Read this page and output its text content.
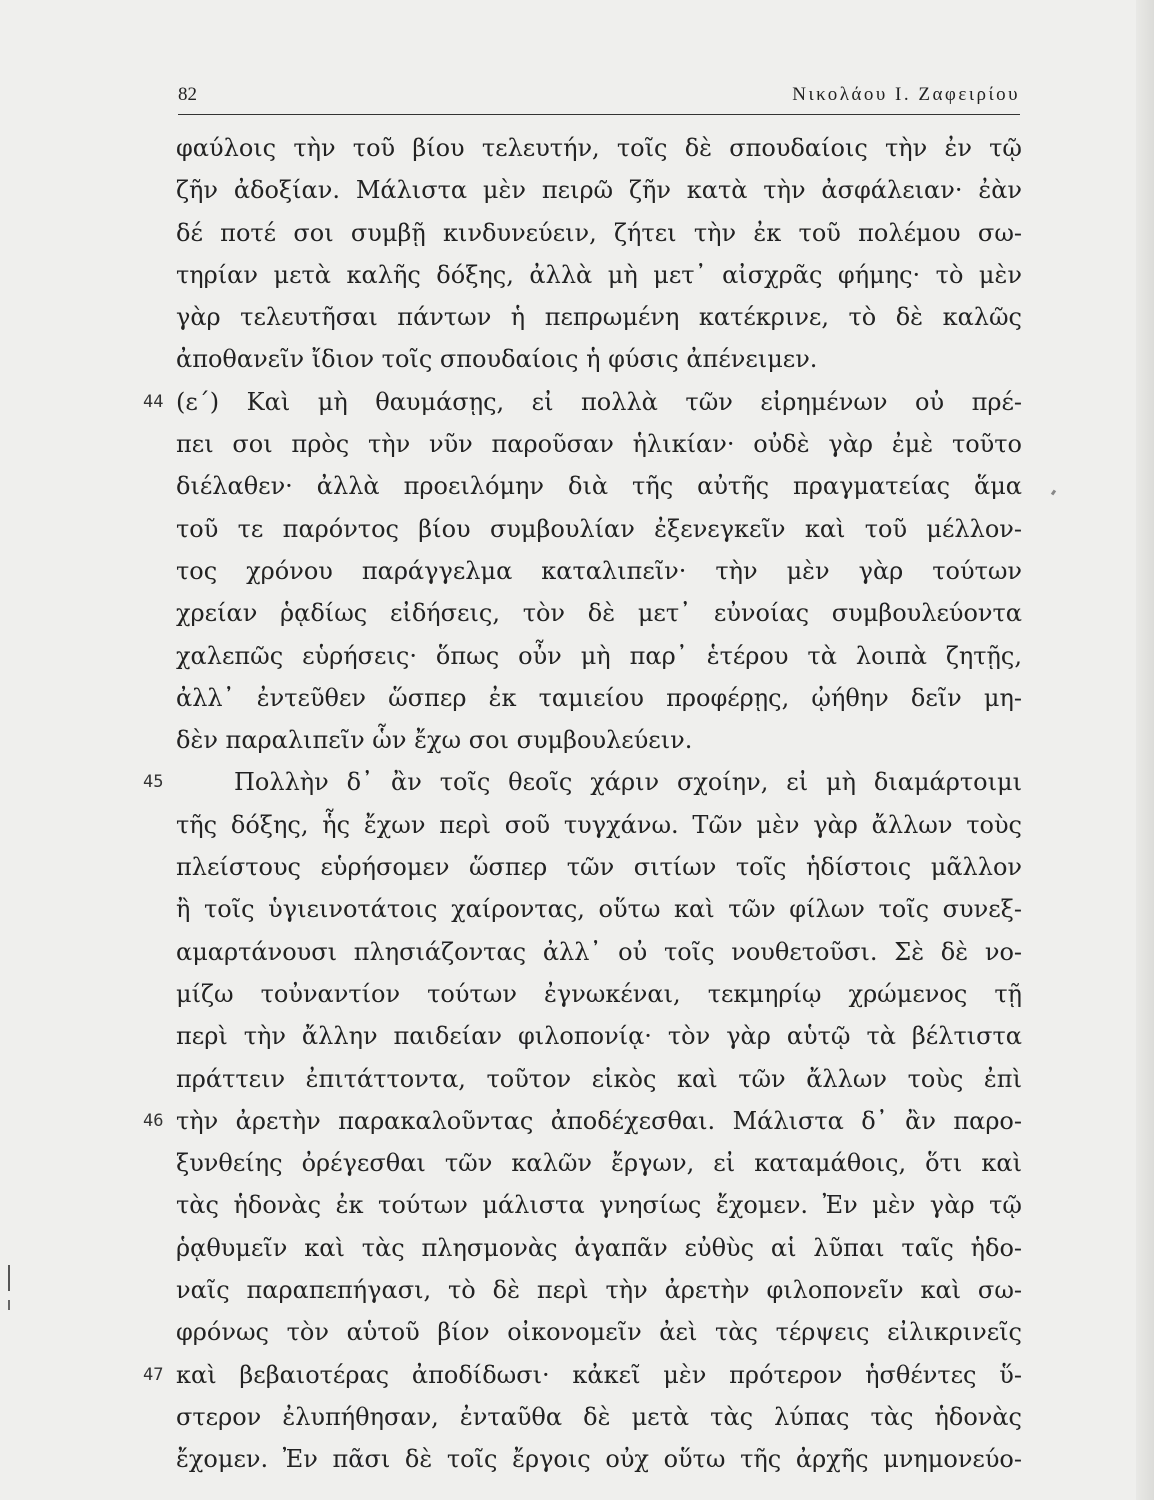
82	Νικολάου Ι. Ζαφειρίου
φαύλοις τὴν τοῦ βίου τελευτήν, τοῖς δὲ σπουδαίοις τὴν ἐν τῷ
ζῆν ἀδοξίαν. Μάλιστα μὲν πειρῶ ζῆν κατὰ τὴν ἀσφάλειαν· ἐὰν
δέ ποτέ σοι συμβῇ κινδυνεύειν, ζήτει τὴν ἐκ τοῦ πολέμου σω-
τηρίαν μετὰ καλῆς δόξης, ἀλλὰ μὴ μετ᾽ αἰσχρᾶς φήμης· τὸ μὲν
γὰρ τελευτῆσαι πάντων ἡ πεπρωμένη κατέκρινε, τὸ δὲ καλῶς
ἀποθανεῖν ἴδιον τοῖς σπουδαίοις ἡ φύσις ἀπένειμεν.
44 (ε΄) Καὶ μὴ θαυμάσῃς, εἰ πολλὰ τῶν εἰρημένων οὐ πρέ-
πει σοι πρὸς τὴν νῦν παροῦσαν ἡλικίαν· οὐδὲ γὰρ ἐμὲ τοῦτο
διέλαθεν· ἀλλὰ προειλόμην διὰ τῆς αὐτῆς πραγματείας ἅμα
τοῦ τε παρόντος βίου συμβουλίαν ἐξενεγκεῖν καὶ τοῦ μέλλον-
τος χρόνου παράγγελμα καταλιπεῖν· τὴν μὲν γὰρ τούτων
χρείαν ῥᾳδίως εἰδήσεις, τὸν δὲ μετ᾽ εὐνοίας συμβουλεύοντα
χαλεπῶς εὑρήσεις· ὅπως οὖν μὴ παρ᾽ ἑτέρου τὰ λοιπὰ ζητῇς,
ἀλλ᾽ ἐντεῦθεν ὥσπερ ἐκ ταμιείου προφέρῃς, ᾠήθην δεῖν μη-
δὲν παραλιπεῖν ὧν ἔχω σοι συμβουλεύειν.
45	Πολλὴν δ᾽ ἂν τοῖς θεοῖς χάριν σχοίην, εἰ μὴ διαμάρτοιμι
τῆς δόξης, ἧς ἔχων περὶ σοῦ τυγχάνω. Τῶν μὲν γὰρ ἄλλων τοὺς
πλείστους εὑρήσομεν ὥσπερ τῶν σιτίων τοῖς ἡδίστοις μᾶλλον
ἢ τοῖς ὑγιεινοτάτοις χαίροντας, οὕτω καὶ τῶν φίλων τοῖς συνεξ-
αμαρτάνουσι πλησιάζοντας ἀλλ᾽ οὐ τοῖς νουθετοῦσι. Σὲ δὲ νο-
μίζω τοὐναντίον τούτων ἐγνωκέναι, τεκμηρίῳ χρώμενος τῇ
περὶ τὴν ἄλλην παιδείαν φιλοπονίᾳ· τὸν γὰρ αὑτῷ τὰ βέλτιστα
πράττειν ἐπιτάττοντα, τοῦτον εἰκὸς καὶ τῶν ἄλλων τοὺς ἐπὶ
46 τὴν ἀρετὴν παρακαλοῦντας ἀποδέχεσθαι. Μάλιστα δ᾽ ἂν παρο-
ξυνθείης ὀρέγεσθαι τῶν καλῶν ἔργων, εἰ καταμάθοις, ὅτι καὶ
τὰς ἡδονὰς ἐκ τούτων μάλιστα γνησίως ἔχομεν. Ἐν μὲν γὰρ τῷ
ῥᾳθυμεῖν καὶ τὰς πλησμονὰς ἀγαπᾶν εὐθὺς αἱ λῦπαι ταῖς ἡδο-
ναῖς παραπεπήγασι, τὸ δὲ περὶ τὴν ἀρετὴν φιλοπονεῖν καὶ σω-
φρόνως τὸν αὑτοῦ βίον οἰκονομεῖν ἀεὶ τὰς τέρψεις εἰλικρινεῖς
47 καὶ βεβαιοτέρας ἀποδίδωσι· κἀκεῖ μὲν πρότερον ἡσθέντες ὕ-
στερον ἐλυπήθησαν, ἐνταῦθα δὲ μετὰ τὰς λύπας τὰς ἡδονὰς
ἔχομεν. Ἐν πᾶσι δὲ τοῖς ἔργοις οὐχ οὕτω τῆς ἀρχῆς μνημονεύο-
